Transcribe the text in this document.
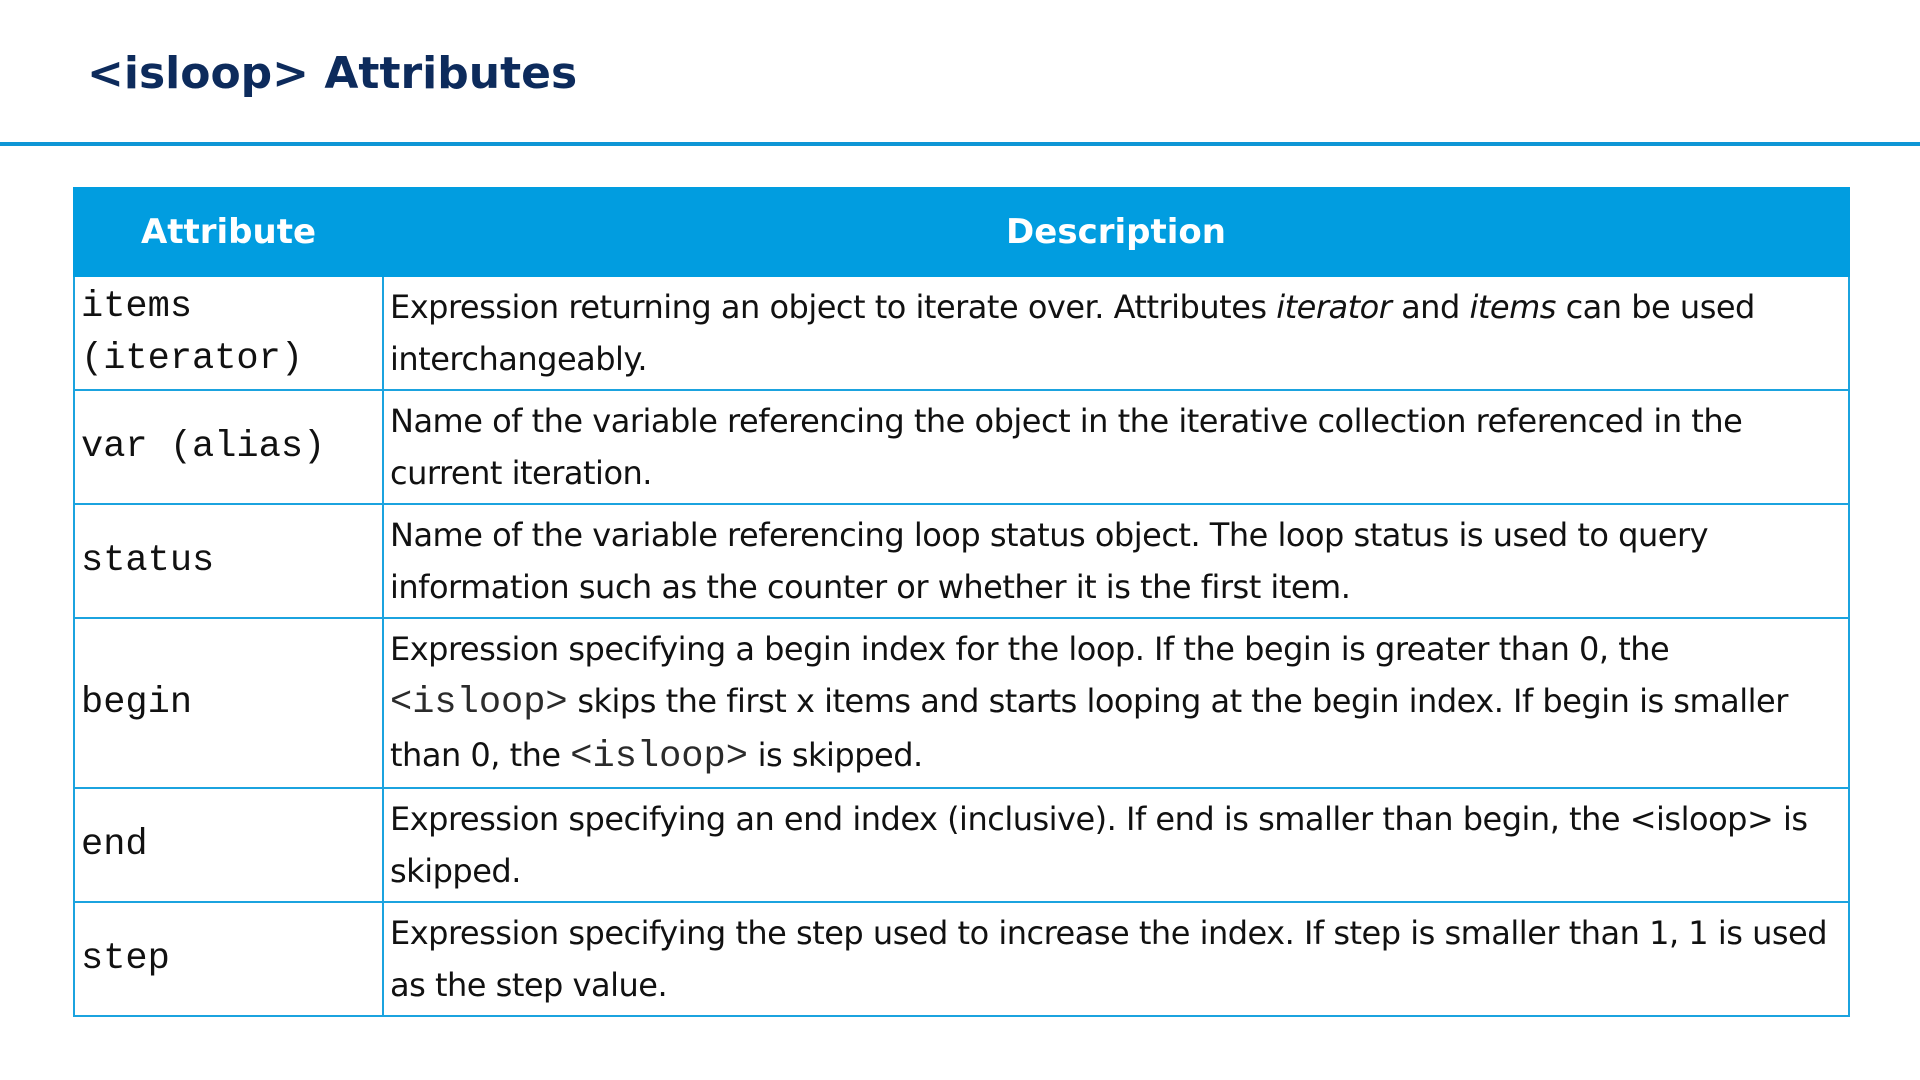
<isloop> Attributes
Attribute	Description
items (iterator)	Expression returning an object to iterate over. Attributes iterator and items can be used interchangeably.
var (alias)	Name of the variable referencing the object in the iterative collection referenced in the current iteration.
status	Name of the variable referencing loop status object. The loop status is used to query information such as the counter or whether it is the first item.
begin	Expression specifying a begin index for the loop. If the begin is greater than 0, the <isloop> skips the first x items and starts looping at the begin index. If begin is smaller than 0, the <isloop> is skipped.
end	Expression specifying an end index (inclusive). If end is smaller than begin, the <isloop> is skipped.
step	Expression specifying the step used to increase the index. If step is smaller than 1, 1 is used as the step value.
